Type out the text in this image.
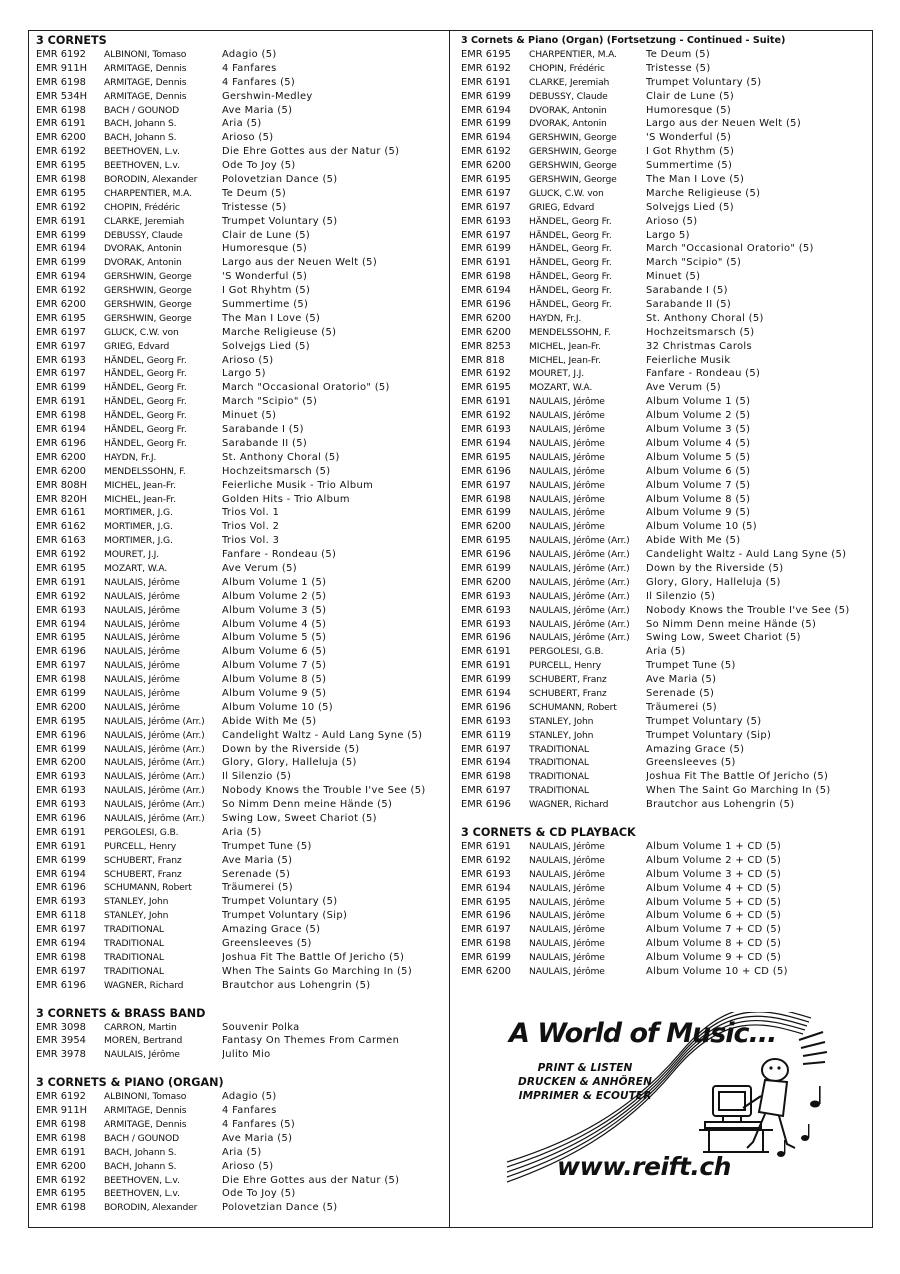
3 CORNETS
EMR 6192	ALBINONI, Tomaso	Adagio (5)
EMR 911H	ARMITAGE, Dennis	4 Fanfares
EMR 6198	ARMITAGE, Dennis	4 Fanfares (5)
EMR 534H	ARMITAGE, Dennis	Gershwin-Medley
EMR 6198	BACH / GOUNOD	Ave Maria (5)
EMR 6191	BACH, Johann S.	Aria (5)
EMR 6200	BACH, Johann S.	Arioso (5)
EMR 6192	BEETHOVEN, L.v.	Die Ehre Gottes aus der Natur (5)
EMR 6195	BEETHOVEN, L.v.	Ode To Joy (5)
EMR 6198	BORODIN, Alexander	Polovetzian Dance (5)
EMR 6195	CHARPENTIER, M.A.	Te Deum (5)
EMR 6192	CHOPIN, Frédéric	Tristesse (5)
EMR 6191	CLARKE, Jeremiah	Trumpet Voluntary (5)
EMR 6199	DEBUSSY, Claude	Clair de Lune (5)
EMR 6194	DVORAK, Antonin	Humoresque (5)
EMR 6199	DVORAK, Antonin	Largo aus der Neuen Welt (5)
EMR 6194	GERSHWIN, George	'S Wonderful (5)
EMR 6192	GERSHWIN, George	I Got Rhyhtm (5)
EMR 6200	GERSHWIN, George	Summertime (5)
EMR 6195	GERSHWIN, George	The Man I Love (5)
EMR 6197	GLUCK, C.W. von	Marche Religieuse (5)
EMR 6197	GRIEG, Edvard	Solvejgs Lied (5)
EMR 6193	HÄNDEL, Georg Fr.	Arioso (5)
EMR 6197	HÄNDEL, Georg Fr.	Largo 5)
EMR 6199	HÄNDEL, Georg Fr.	March "Occasional Oratorio" (5)
EMR 6191	HÄNDEL, Georg Fr.	March "Scipio" (5)
EMR 6198	HÄNDEL, Georg Fr.	Minuet (5)
EMR 6194	HÄNDEL, Georg Fr.	Sarabande I (5)
EMR 6196	HÄNDEL, Georg Fr.	Sarabande II (5)
EMR 6200	HAYDN, Fr.J.	St. Anthony Choral (5)
EMR 6200	MENDELSSOHN, F.	Hochzeitsmarsch (5)
EMR 808H	MICHEL, Jean-Fr.	Feierliche Musik - Trio Album
EMR 820H	MICHEL, Jean-Fr.	Golden Hits - Trio Album
EMR 6161	MORTIMER, J.G.	Trios Vol. 1
EMR 6162	MORTIMER, J.G.	Trios Vol. 2
EMR 6163	MORTIMER, J.G.	Trios Vol. 3
EMR 6192	MOURET, J.J.	Fanfare - Rondeau (5)
EMR 6195	MOZART, W.A.	Ave Verum (5)
EMR 6191	NAULAIS, Jérôme	Album Volume 1 (5)
EMR 6192	NAULAIS, Jérôme	Album Volume 2 (5)
EMR 6193	NAULAIS, Jérôme	Album Volume 3 (5)
EMR 6194	NAULAIS, Jérôme	Album Volume 4 (5)
EMR 6195	NAULAIS, Jérôme	Album Volume 5 (5)
EMR 6196	NAULAIS, Jérôme	Album Volume 6 (5)
EMR 6197	NAULAIS, Jérôme	Album Volume 7 (5)
EMR 6198	NAULAIS, Jérôme	Album Volume 8 (5)
EMR 6199	NAULAIS, Jérôme	Album Volume 9 (5)
EMR 6200	NAULAIS, Jérôme	Album Volume 10 (5)
EMR 6195	NAULAIS, Jérôme (Arr.)	Abide With Me (5)
EMR 6196	NAULAIS, Jérôme (Arr.)	Candelight Waltz - Auld Lang Syne (5)
EMR 6199	NAULAIS, Jérôme (Arr.)	Down by the Riverside (5)
EMR 6200	NAULAIS, Jérôme (Arr.)	Glory, Glory, Halleluja (5)
EMR 6193	NAULAIS, Jérôme (Arr.)	Il Silenzio (5)
EMR 6193	NAULAIS, Jérôme (Arr.)	Nobody Knows the Trouble I've See (5)
EMR 6193	NAULAIS, Jérôme (Arr.)	So Nimm Denn meine Hände (5)
EMR 6196	NAULAIS, Jérôme (Arr.)	Swing Low, Sweet Chariot (5)
EMR 6191	PERGOLESI, G.B.	Aria (5)
EMR 6191	PURCELL, Henry	Trumpet Tune (5)
EMR 6199	SCHUBERT, Franz	Ave Maria (5)
EMR 6194	SCHUBERT, Franz	Serenade (5)
EMR 6196	SCHUMANN, Robert	Träumerei (5)
EMR 6193	STANLEY, John	Trumpet Voluntary (5)
EMR 6118	STANLEY, John	Trumpet Voluntary (Sip)
EMR 6197	TRADITIONAL	Amazing Grace (5)
EMR 6194	TRADITIONAL	Greensleeves (5)
EMR 6198	TRADITIONAL	Joshua Fit The Battle Of Jericho (5)
EMR 6197	TRADITIONAL	When The Saints Go Marching In (5)
EMR 6196	WAGNER, Richard	Brautchor aus Lohengrin (5)
3 CORNETS & BRASS BAND
EMR 3098	CARRON, Martin	Souvenir Polka
EMR 3954	MOREN, Bertrand	Fantasy On Themes From Carmen
EMR 3978	NAULAIS, Jérôme	Julito Mio
3 CORNETS & PIANO (ORGAN)
EMR 6192	ALBINONI, Tomaso	Adagio (5)
EMR 911H	ARMITAGE, Dennis	4 Fanfares
EMR 6198	ARMITAGE, Dennis	4 Fanfares (5)
EMR 6198	BACH / GOUNOD	Ave Maria (5)
EMR 6191	BACH, Johann S.	Aria (5)
EMR 6200	BACH, Johann S.	Arioso (5)
EMR 6192	BEETHOVEN, L.v.	Die Ehre Gottes aus der Natur (5)
EMR 6195	BEETHOVEN, L.v.	Ode To Joy (5)
EMR 6198	BORODIN, Alexander	Polovetzian Dance (5)
3 Cornets & Piano (Organ) (Fortsetzung - Continued - Suite)
EMR 6195	CHARPENTIER, M.A.	Te Deum (5)
EMR 6192	CHOPIN, Frédéric	Tristesse (5)
EMR 6191	CLARKE, Jeremiah	Trumpet Voluntary (5)
EMR 6199	DEBUSSY, Claude	Clair de Lune (5)
EMR 6194	DVORAK, Antonin	Humoresque (5)
EMR 6199	DVORAK, Antonin	Largo aus der Neuen Welt (5)
EMR 6194	GERSHWIN, George	'S Wonderful (5)
EMR 6192	GERSHWIN, George	I Got Rhythm (5)
EMR 6200	GERSHWIN, George	Summertime (5)
EMR 6195	GERSHWIN, George	The Man I Love (5)
EMR 6197	GLUCK, C.W. von	Marche Religieuse (5)
EMR 6197	GRIEG, Edvard	Solvejgs Lied (5)
EMR 6193	HÄNDEL, Georg Fr.	Arioso (5)
EMR 6197	HÄNDEL, Georg Fr.	Largo 5)
EMR 6199	HÄNDEL, Georg Fr.	March "Occasional Oratorio" (5)
EMR 6191	HÄNDEL, Georg Fr.	March "Scipio" (5)
EMR 6198	HÄNDEL, Georg Fr.	Minuet (5)
EMR 6194	HÄNDEL, Georg Fr.	Sarabande I (5)
EMR 6196	HÄNDEL, Georg Fr.	Sarabande II (5)
EMR 6200	HAYDN, Fr.J.	St. Anthony Choral (5)
EMR 6200	MENDELSSOHN, F.	Hochzeitsmarsch (5)
EMR 8253	MICHEL, Jean-Fr.	32 Christmas Carols
EMR 818	MICHEL, Jean-Fr.	Feierliche Musik
EMR 6192	MOURET, J.J.	Fanfare - Rondeau (5)
EMR 6195	MOZART, W.A.	Ave Verum (5)
EMR 6191	NAULAIS, Jérôme	Album Volume 1 (5)
EMR 6192	NAULAIS, Jérôme	Album Volume 2 (5)
EMR 6193	NAULAIS, Jérôme	Album Volume 3 (5)
EMR 6194	NAULAIS, Jérôme	Album Volume 4 (5)
EMR 6195	NAULAIS, Jérôme	Album Volume 5 (5)
EMR 6196	NAULAIS, Jérôme	Album Volume 6 (5)
EMR 6197	NAULAIS, Jérôme	Album Volume 7 (5)
EMR 6198	NAULAIS, Jérôme	Album Volume 8 (5)
EMR 6199	NAULAIS, Jérôme	Album Volume 9 (5)
EMR 6200	NAULAIS, Jérôme	Album Volume 10 (5)
EMR 6195	NAULAIS, Jérôme (Arr.)	Abide With Me (5)
EMR 6196	NAULAIS, Jérôme (Arr.)	Candelight Waltz - Auld Lang Syne (5)
EMR 6199	NAULAIS, Jérôme (Arr.)	Down by the Riverside (5)
EMR 6200	NAULAIS, Jérôme (Arr.)	Glory, Glory, Halleluja (5)
EMR 6193	NAULAIS, Jérôme (Arr.)	Il Silenzio (5)
EMR 6193	NAULAIS, Jérôme (Arr.)	Nobody Knows the Trouble I've See (5)
EMR 6193	NAULAIS, Jérôme (Arr.)	So Nimm Denn meine Hände (5)
EMR 6196	NAULAIS, Jérôme (Arr.)	Swing Low, Sweet Chariot (5)
EMR 6191	PERGOLESI, G.B.	Aria (5)
EMR 6191	PURCELL, Henry	Trumpet Tune (5)
EMR 6199	SCHUBERT, Franz	Ave Maria (5)
EMR 6194	SCHUBERT, Franz	Serenade (5)
EMR 6196	SCHUMANN, Robert	Träumerei (5)
EMR 6193	STANLEY, John	Trumpet Voluntary (5)
EMR 6119	STANLEY, John	Trumpet Voluntary (Sip)
EMR 6197	TRADITIONAL	Amazing Grace (5)
EMR 6194	TRADITIONAL	Greensleeves (5)
EMR 6198	TRADITIONAL	Joshua Fit The Battle Of Jericho (5)
EMR 6197	TRADITIONAL	When The Saint Go Marching In (5)
EMR 6196	WAGNER, Richard	Brautchor aus Lohengrin (5)
3 CORNETS & CD PLAYBACK
EMR 6191	NAULAIS, Jérôme	Album Volume 1 + CD (5)
EMR 6192	NAULAIS, Jérôme	Album Volume 2 + CD (5)
EMR 6193	NAULAIS, Jérôme	Album Volume 3 + CD (5)
EMR 6194	NAULAIS, Jérôme	Album Volume 4 + CD (5)
EMR 6195	NAULAIS, Jérôme	Album Volume 5 + CD (5)
EMR 6196	NAULAIS, Jérôme	Album Volume 6 + CD (5)
EMR 6197	NAULAIS, Jérôme	Album Volume 7 + CD (5)
EMR 6198	NAULAIS, Jérôme	Album Volume 8 + CD (5)
EMR 6199	NAULAIS, Jérôme	Album Volume 9 + CD (5)
EMR 6200	NAULAIS, Jérôme	Album Volume 10 + CD (5)
A World of Music...
PRINT & LISTEN
DRUCKEN & ANHÖREN
IMPRIMER & ECOUTER
www.reift.ch
